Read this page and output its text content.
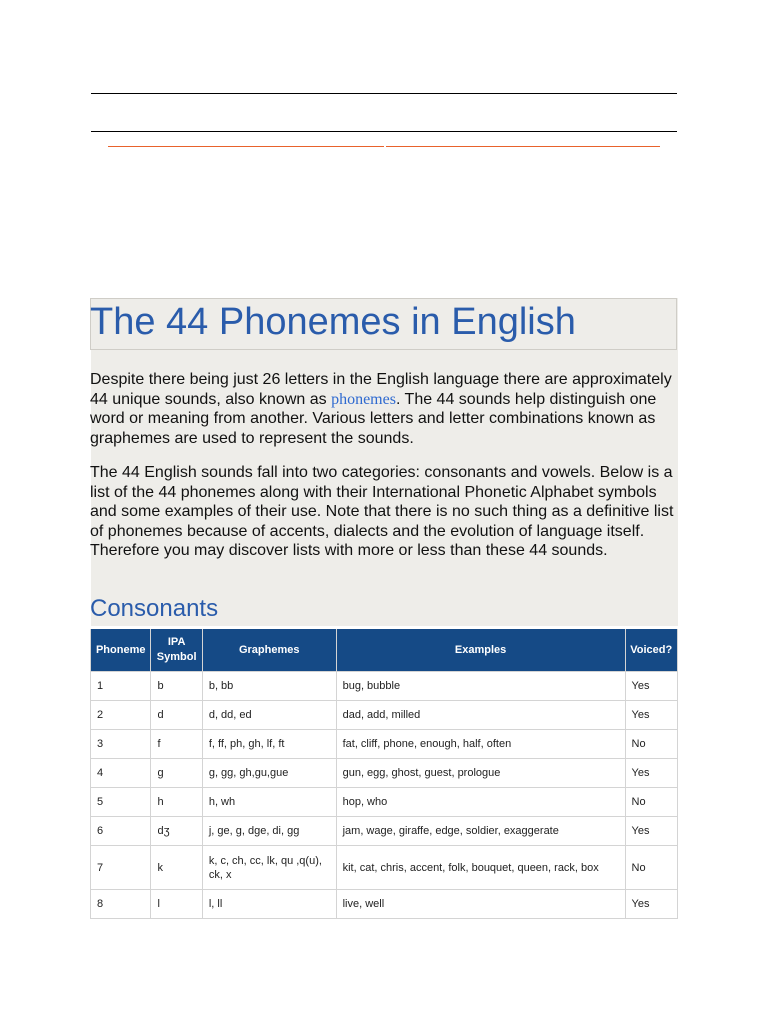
The 44 Phonemes in English

Despite there being just 26 letters in the English language there are approximately 44 unique sounds, also known as phonemes. The 44 sounds help distinguish one word or meaning from another. Various letters and letter combinations known as graphemes are used to represent the sounds.

The 44 English sounds fall into two categories: consonants and vowels. Below is a list of the 44 phonemes along with their International Phonetic Alphabet symbols and some examples of their use. Note that there is no such thing as a definitive list of phonemes because of accents, dialects and the evolution of language itself. Therefore you may discover lists with more or less than these 44 sounds.

Consonants
Phoneme	IPA Symbol	Graphemes	Examples	Voiced?
1	b	b, bb	bug, bubble	Yes
2	d	d, dd, ed	dad, add, milled	Yes
3	f	f, ff, ph, gh, lf, ft	fat, cliff, phone, enough, half, often	No
4	g	g, gg, gh,gu,gue	gun, egg, ghost, guest, prologue	Yes
5	h	h, wh	hop, who	No
6	dʒ	j, ge, g, dge, di, gg	jam, wage, giraffe, edge, soldier, exaggerate	Yes
7	k	k, c, ch, cc, lk, qu ,q(u), ck, x	kit, cat, chris, accent, folk, bouquet, queen, rack, box	No
8	l	l, ll	live, well	Yes
